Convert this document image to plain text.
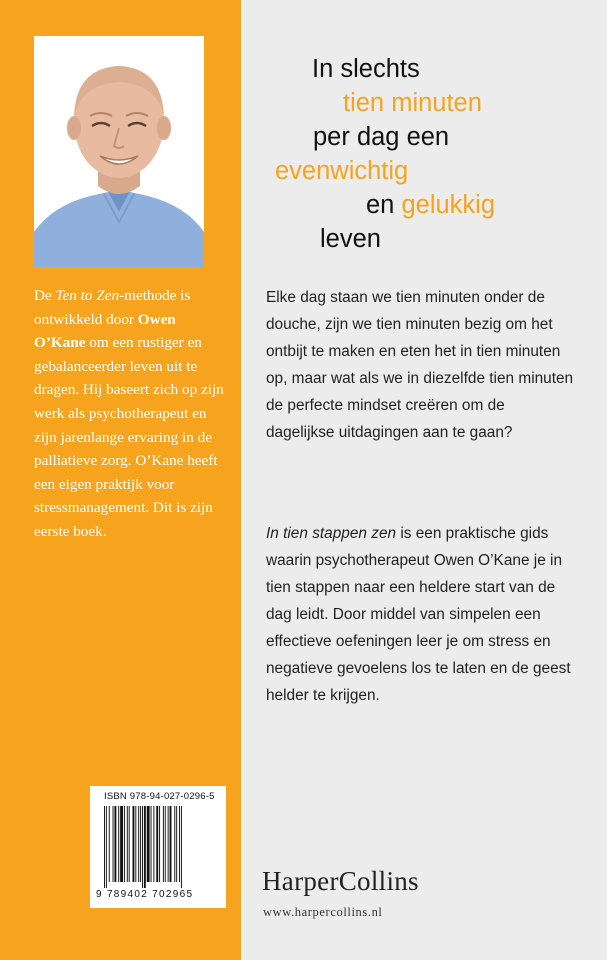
De Ten to Zen-methode is ontwikkeld door Owen O’Kane om een rustiger en gebalanceerder leven uit te dragen. Hij baseert zich op zijn werk als psychotherapeut en zijn jarenlange ervaring in de palliatieve zorg. O’Kane heeft een eigen praktijk voor stressmanagement. Dit is zijn eerste boek.
ISBN 978-94-027-0296-5
9 789402 702965
In slechts
tien minuten
per dag een
evenwichtig
en gelukkig
leven
Elke dag staan we tien minuten onder de douche, zijn we tien minuten bezig om het ontbijt te maken en eten het in tien minuten op, maar wat als we in diezelfde tien minuten de perfecte mindset creëren om de dagelijkse uitdagingen aan te gaan?
In tien stappen zen is een praktische gids waarin psychotherapeut Owen O’Kane je in tien stappen naar een heldere start van de dag leidt. Door middel van simpelen een effectieve oefeningen leer je om stress en negatieve gevoelens los te laten en de geest helder te krijgen.
HarperCollins
www.harpercollins.nl
